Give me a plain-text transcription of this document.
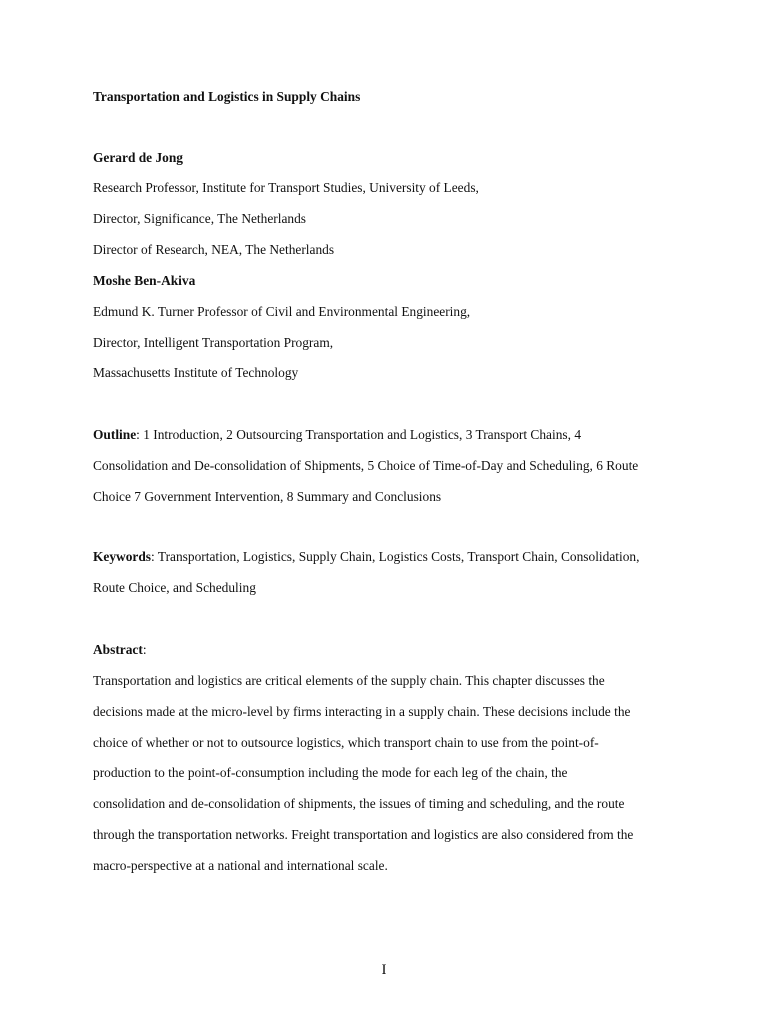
Transportation and Logistics in Supply Chains
Gerard de Jong
Research Professor, Institute for Transport Studies, University of Leeds,
Director, Significance, The Netherlands
Director of Research, NEA, The Netherlands
Moshe Ben-Akiva
Edmund K. Turner Professor of Civil and Environmental Engineering,
Director, Intelligent Transportation Program,
Massachusetts Institute of Technology
Outline: 1 Introduction, 2 Outsourcing Transportation and Logistics, 3 Transport Chains, 4
Consolidation and De-consolidation of Shipments, 5 Choice of Time-of-Day and Scheduling, 6 Route
Choice 7 Government Intervention, 8 Summary and Conclusions
Keywords: Transportation, Logistics, Supply Chain, Logistics Costs, Transport Chain, Consolidation,
Route Choice, and Scheduling
Abstract:
Transportation and logistics are critical elements of the supply chain. This chapter discusses the
decisions made at the micro-level by firms interacting in a supply chain. These decisions include the
choice of whether or not to outsource logistics, which transport chain to use from the point-of-
production to the point-of-consumption including the mode for each leg of the chain, the
consolidation and de-consolidation of shipments, the issues of timing and scheduling, and the route
through the transportation networks. Freight transportation and logistics are also considered from the
macro-perspective at a national and international scale.
I
